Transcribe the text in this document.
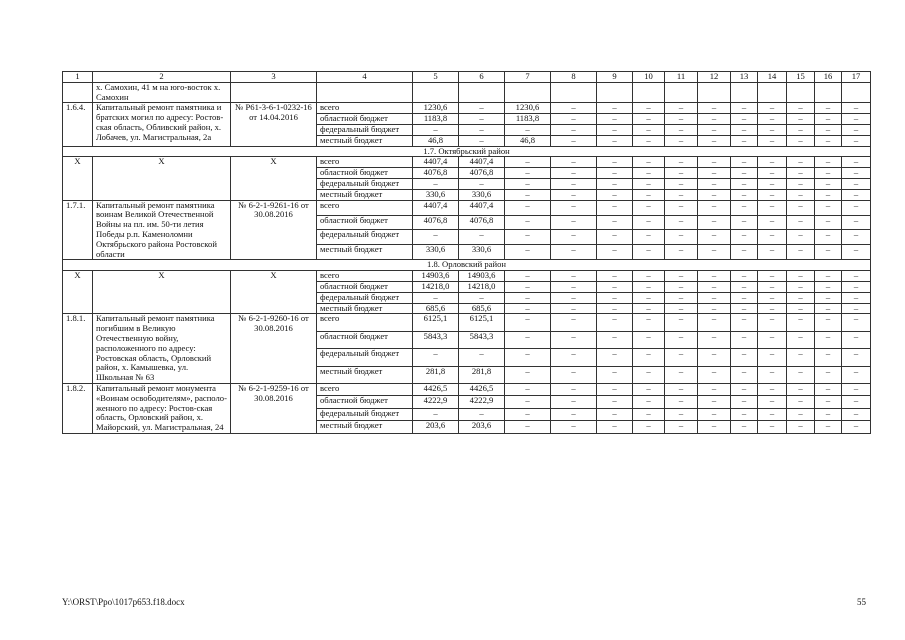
1	2	3	4	5	6	7	8	9	10	11	12	13	14	15	16	17
	х. Самохин, 41 м на юго-восток х. Самохин															
1.6.4.	Капитальный ремонт памятника и братских могил по адресу: Ростов-ская область, Обливский район, х. Лобачев, ул. Магистральная, 2а	№ Р61-3-6-1-0232-16 от 14.04.2016	всего	1230,6	–	1230,6	–	–	–	–	–	–	–	–	–	–
			областной бюджет	1183,8	–	1183,8	–	–	–	–	–	–	–	–	–	–
			федеральный бюджет	–	–	–	–	–	–	–	–	–	–	–	–	–
			местный бюджет	46,8	–	46,8	–	–	–	–	–	–	–	–	–	–
1.7. Октябрьский район																
Х	Х	Х	всего	4407,4	4407,4	–	–	–	–	–	–	–	–	–	–	–
			областной бюджет	4076,8	4076,8	–	–	–	–	–	–	–	–	–	–	–
			федеральный бюджет	–	–	–	–	–	–	–	–	–	–	–	–	–
			местный бюджет	330,6	330,6	–	–	–	–	–	–	–	–	–	–	–
1.7.1.	Капитальный ремонт памятника воинам Великой Отечественной Войны на пл. им. 50-ти летия Победы р.п. Каменоломни Октябрьского района Ростовской области	№ 6-2-1-9261-16 от 30.08.2016	всего	4407,4	4407,4	–	–	–	–	–	–	–	–	–	–	–
			областной бюджет	4076,8	4076,8	–	–	–	–	–	–	–	–	–	–	–
			федеральный бюджет	–	–	–	–	–	–	–	–	–	–	–	–	–
			местный бюджет	330,6	330,6	–	–	–	–	–	–	–	–	–	–	–
1.8. Орловский район																
Х	Х	Х	всего	14903,6	14903,6	–	–	–	–	–	–	–	–	–	–	–
			областной бюджет	14218,0	14218,0	–	–	–	–	–	–	–	–	–	–	–
			федеральный бюджет	–	–	–	–	–	–	–	–	–	–	–	–	–
			местный бюджет	685,6	685,6	–	–	–	–	–	–	–	–	–	–	–
1.8.1.	Капитальный ремонт памятника погибшим в Великую Отечественную войну, расположенного по адресу: Ростовская область, Орловский район, х. Камышевка, ул. Школьная № 63	№ 6-2-1-9260-16 от 30.08.2016	всего	6125,1	6125,1	–	–	–	–	–	–	–	–	–	–	–
			областной бюджет	5843,3	5843,3	–	–	–	–	–	–	–	–	–	–	–
			федеральный бюджет	–	–	–	–	–	–	–	–	–	–	–	–	–
			местный бюджет	281,8	281,8	–	–	–	–	–	–	–	–	–	–	–
1.8.2.	Капитальный ремонт монумента «Воинам освободителям», располо-женного по адресу: Ростов-ская область, Орловский район, х. Майорский, ул. Магистральная, 24	№ 6-2-1-9259-16 от 30.08.2016	всего	4426,5	4426,5	–	–	–	–	–	–	–	–	–	–	–
			областной бюджет	4222,9	4222,9	–	–	–	–	–	–	–	–	–	–	–
			федеральный бюджет	–	–	–	–	–	–	–	–	–	–	–	–	–
			местный бюджет	203,6	203,6	–	–	–	–	–	–	–	–	–	–	–
Y:\ORST\Ppo\1017p653.f18.docx	55
